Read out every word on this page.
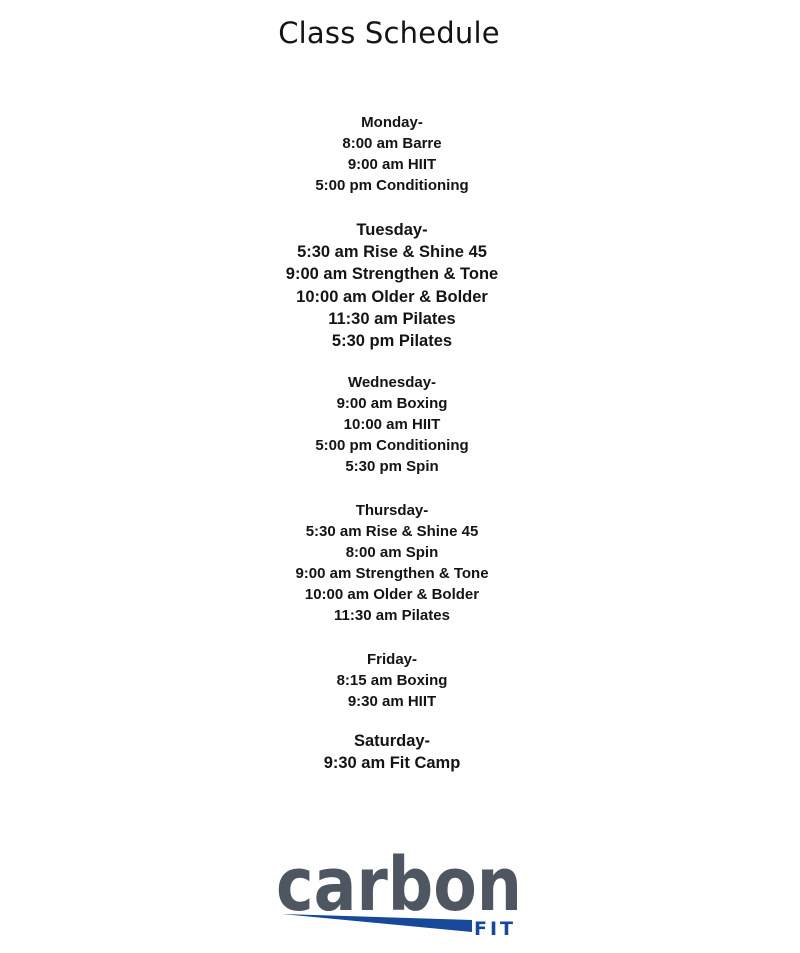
Class Schedule
Monday-
8:00 am Barre
9:00 am HIIT
5:00 pm Conditioning
Tuesday-
5:30 am Rise & Shine 45
9:00 am Strengthen & Tone
10:00 am Older & Bolder
11:30 am Pilates
5:30 pm Pilates
Wednesday-
9:00 am Boxing
10:00 am HIIT
5:00 pm Conditioning
5:30 pm Spin
Thursday-
5:30 am Rise & Shine 45
8:00 am Spin
9:00 am Strengthen & Tone
10:00 am Older & Bolder
11:30 am Pilates
Friday-
8:15 am Boxing
9:30 am HIIT
Saturday-
9:30 am Fit Camp
carbon
FIT
